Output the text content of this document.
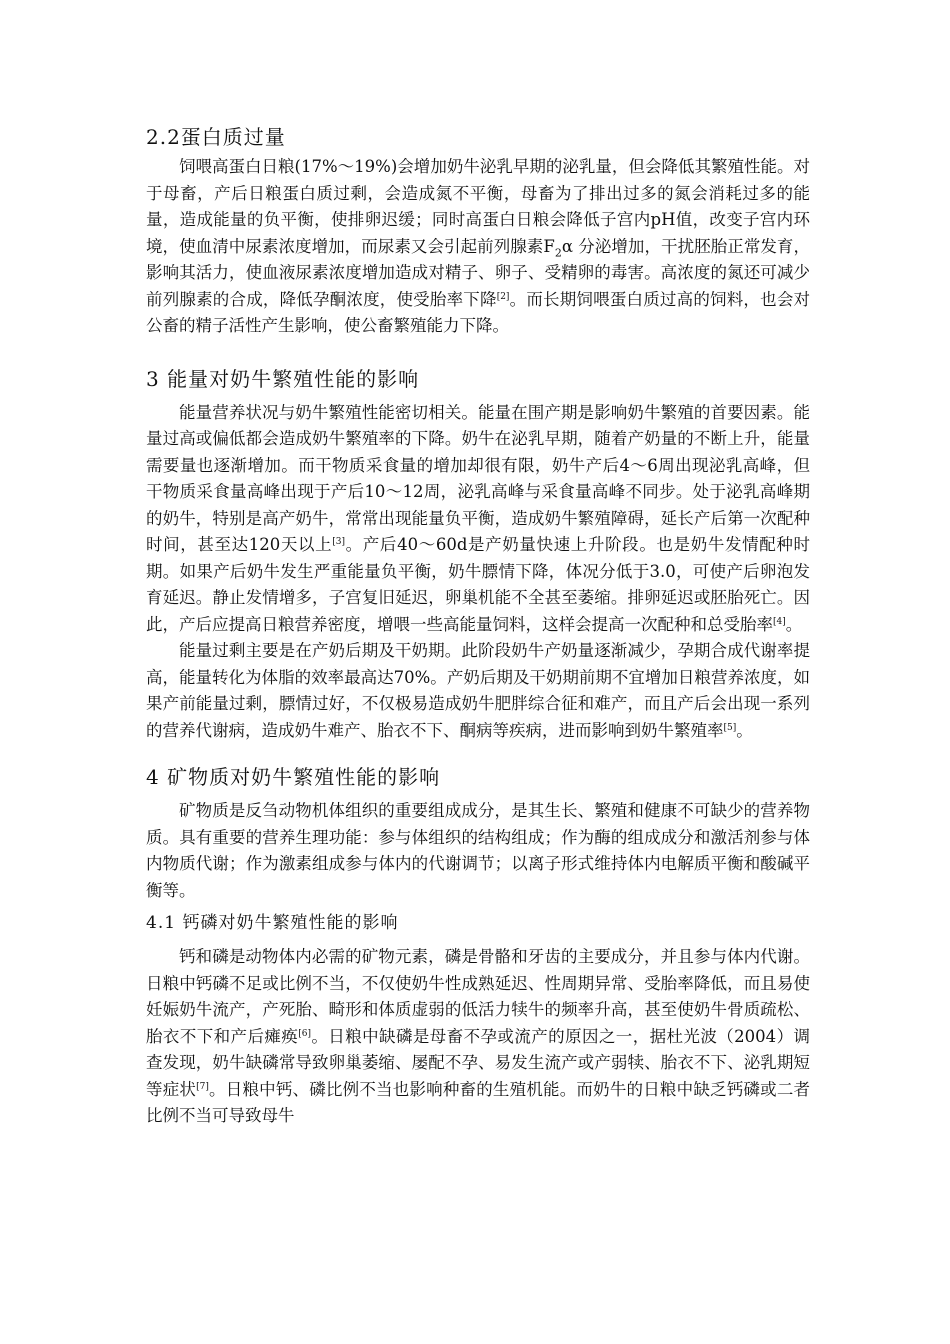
2.2蛋白质过量

饲喂高蛋白日粮(17%～19%)会增加奶牛泌乳早期的泌乳量，但会降低其繁殖性能。对于母畜，产后日粮蛋白质过剩，会造成氮不平衡，母畜为了排出过多的氮会消耗过多的能量，造成能量的负平衡，使排卵迟缓；同时高蛋白日粮会降低子宫内pH值，改变子宫内环境，使血清中尿素浓度增加，而尿素又会引起前列腺素$F_2\alpha$ 分泌增加，干扰胚胎正常发育，影响其活力，使血液尿素浓度增加造成对精子、卵子、受精卵的毒害。高浓度的氮还可减少前列腺素的合成，降低孕酮浓度，使受胎率下降[2]。而长期饲喂蛋白质过高的饲料，也会对公畜的精子活性产生影响，使公畜繁殖能力下降。

3 能量对奶牛繁殖性能的影响

能量营养状况与奶牛繁殖性能密切相关。能量在围产期是影响奶牛繁殖的首要因素。能量过高或偏低都会造成奶牛繁殖率的下降。奶牛在泌乳早期，随着产奶量的不断上升，能量需要量也逐渐增加。而干物质采食量的增加却很有限，奶牛产后4～6周出现泌乳高峰，但干物质采食量高峰出现于产后10～12周，泌乳高峰与采食量高峰不同步。处于泌乳高峰期的奶牛，特别是高产奶牛，常常出现能量负平衡，造成奶牛繁殖障碍，延长产后第一次配种时间，甚至达120天以上[3]。产后40～60d是产奶量快速上升阶段。也是奶牛发情配种时期。如果产后奶牛发生严重能量负平衡，奶牛膘情下降，体况分低于3.0，可使产后卵泡发育延迟。静止发情增多，子宫复旧延迟，卵巢机能不全甚至萎缩。排卵延迟或胚胎死亡。因此，产后应提高日粮营养密度，增喂一些高能量饲料，这样会提高一次配种和总受胎率[4]。

能量过剩主要是在产奶后期及干奶期。此阶段奶牛产奶量逐渐减少，孕期合成代谢率提高，能量转化为体脂的效率最高达70%。产奶后期及干奶期前期不宜增加日粮营养浓度，如果产前能量过剩，膘情过好，不仅极易造成奶牛肥胖综合征和难产，而且产后会出现一系列的营养代谢病，造成奶牛难产、胎衣不下、酮病等疾病，进而影响到奶牛繁殖率[5]。

4 矿物质对奶牛繁殖性能的影响

矿物质是反刍动物机体组织的重要组成成分，是其生长、繁殖和健康不可缺少的营养物质。具有重要的营养生理功能：参与体组织的结构组成；作为酶的组成成分和激活剂参与体内物质代谢；作为激素组成参与体内的代谢调节；以离子形式维持体内电解质平衡和酸碱平衡等。

4.1 钙磷对奶牛繁殖性能的影响

钙和磷是动物体内必需的矿物元素，磷是骨骼和牙齿的主要成分，并且参与体内代谢。日粮中钙磷不足或比例不当，不仅使奶牛性成熟延迟、性周期异常、受胎率降低，而且易使妊娠奶牛流产，产死胎、畸形和体质虚弱的低活力犊牛的频率升高，甚至使奶牛骨质疏松、胎衣不下和产后瘫痪[6]。日粮中缺磷是母畜不孕或流产的原因之一，据杜光波（2004）调查发现，奶牛缺磷常导致卵巢萎缩、屡配不孕、易发生流产或产弱犊、胎衣不下、泌乳期短等症状[7]。日粮中钙、磷比例不当也影响种畜的生殖机能。而奶牛的日粮中缺乏钙磷或二者比例不当可导致母牛
